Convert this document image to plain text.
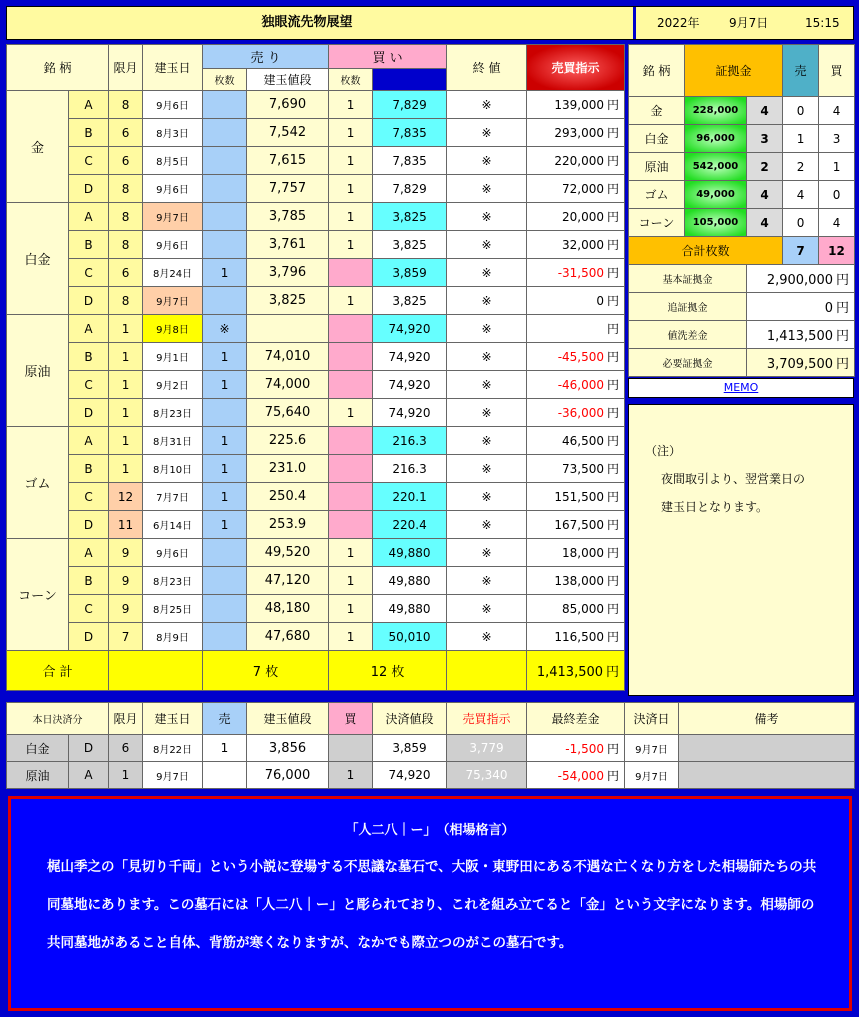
独眼流先物展望	2022年 9月7日	15:15
銘 柄		限月	建玉日	売 り		買 い		終 値	売買指示	
				枚数	建玉値段	枚数				
金	A	8	9月6日		7,690	1	7,829	※	139,000 円	
	B	6	8月3日		7,542	1	7,835	※	293,000 円	
	C	6	8月5日		7,615	1	7,835	※	220,000 円	
	D	8	9月6日		7,757	1	7,829	※	72,000 円	
白金	A	8	9月7日		3,785	1	3,825	※	20,000 円	
	B	8	9月6日		3,761	1	3,825	※	32,000 円	
	C	6	8月24日	1	3,796		3,859	※	-31,500 円	
	D	8	9月7日		3,825	1	3,825	※	0 円	
原油	A	1	9月8日	※			74,920	※	円	
	B	1	9月1日	1	74,010		74,920	※	-45,500 円	
	C	1	9月2日	1	74,000		74,920	※	-46,000 円	
	D	1	8月23日		75,640	1	74,920	※	-36,000 円	
ゴム	A	1	8月31日	1	225.6		216.3	※	46,500 円	
	B	1	8月10日	1	231.0		216.3	※	73,500 円	
	C	12	7月7日	1	250.4		220.1	※	151,500 円	
	D	11	6月14日	1	253.9		220.4	※	167,500 円	
コーン	A	9	9月6日		49,520	1	49,880	※	18,000 円	
	B	9	8月23日		47,120	1	49,880	※	138,000 円	
	C	9	8月25日		48,180	1	49,880	※	85,000 円	
	D	7	8月9日		47,680	1	50,010	※	116,500 円	
合 計				7 枚		12 枚			1,413,500 円	
銘 柄	証拠金		売	買
金	228,000	4	0	4
白金	96,000	3	1	3
原油	542,000	2	2	1
ゴム	49,000	4	4	0
コーン	105,000	4	0	4
合計枚数			7	12
基本証拠金		2,900,000 円		
追証拠金		0 円		
値洗差金		1,413,500 円		
必要証拠金		3,709,500 円		
MEMO
（注）
夜間取引より、翌営業日の
建玉日となります。
本日決済分		限月	建玉日	売	建玉値段	買	決済値段	売買指示	最終差金	決済日	備考
白金	D	6	8月22日	1	3,856		3,859	3,779	-1,500 円	9月7日	
原油	A	1	9月7日		76,000	1	74,920	75,340	-54,000 円	9月7日	
「人二八｜ー」　（相場格言）
梶山季之の「見切り千両」という小説に登場する不思議な墓石で、大阪・東野田にある不遇な亡くなり方をした相場師たちの共同墓地にあります。この墓石には「人二八｜ー」と彫られており、これを組み立てると「金」という文字になります。相場師の共同墓地があること自体、背筋が寒くなりますが、なかでも際立つのがこの墓石です。
